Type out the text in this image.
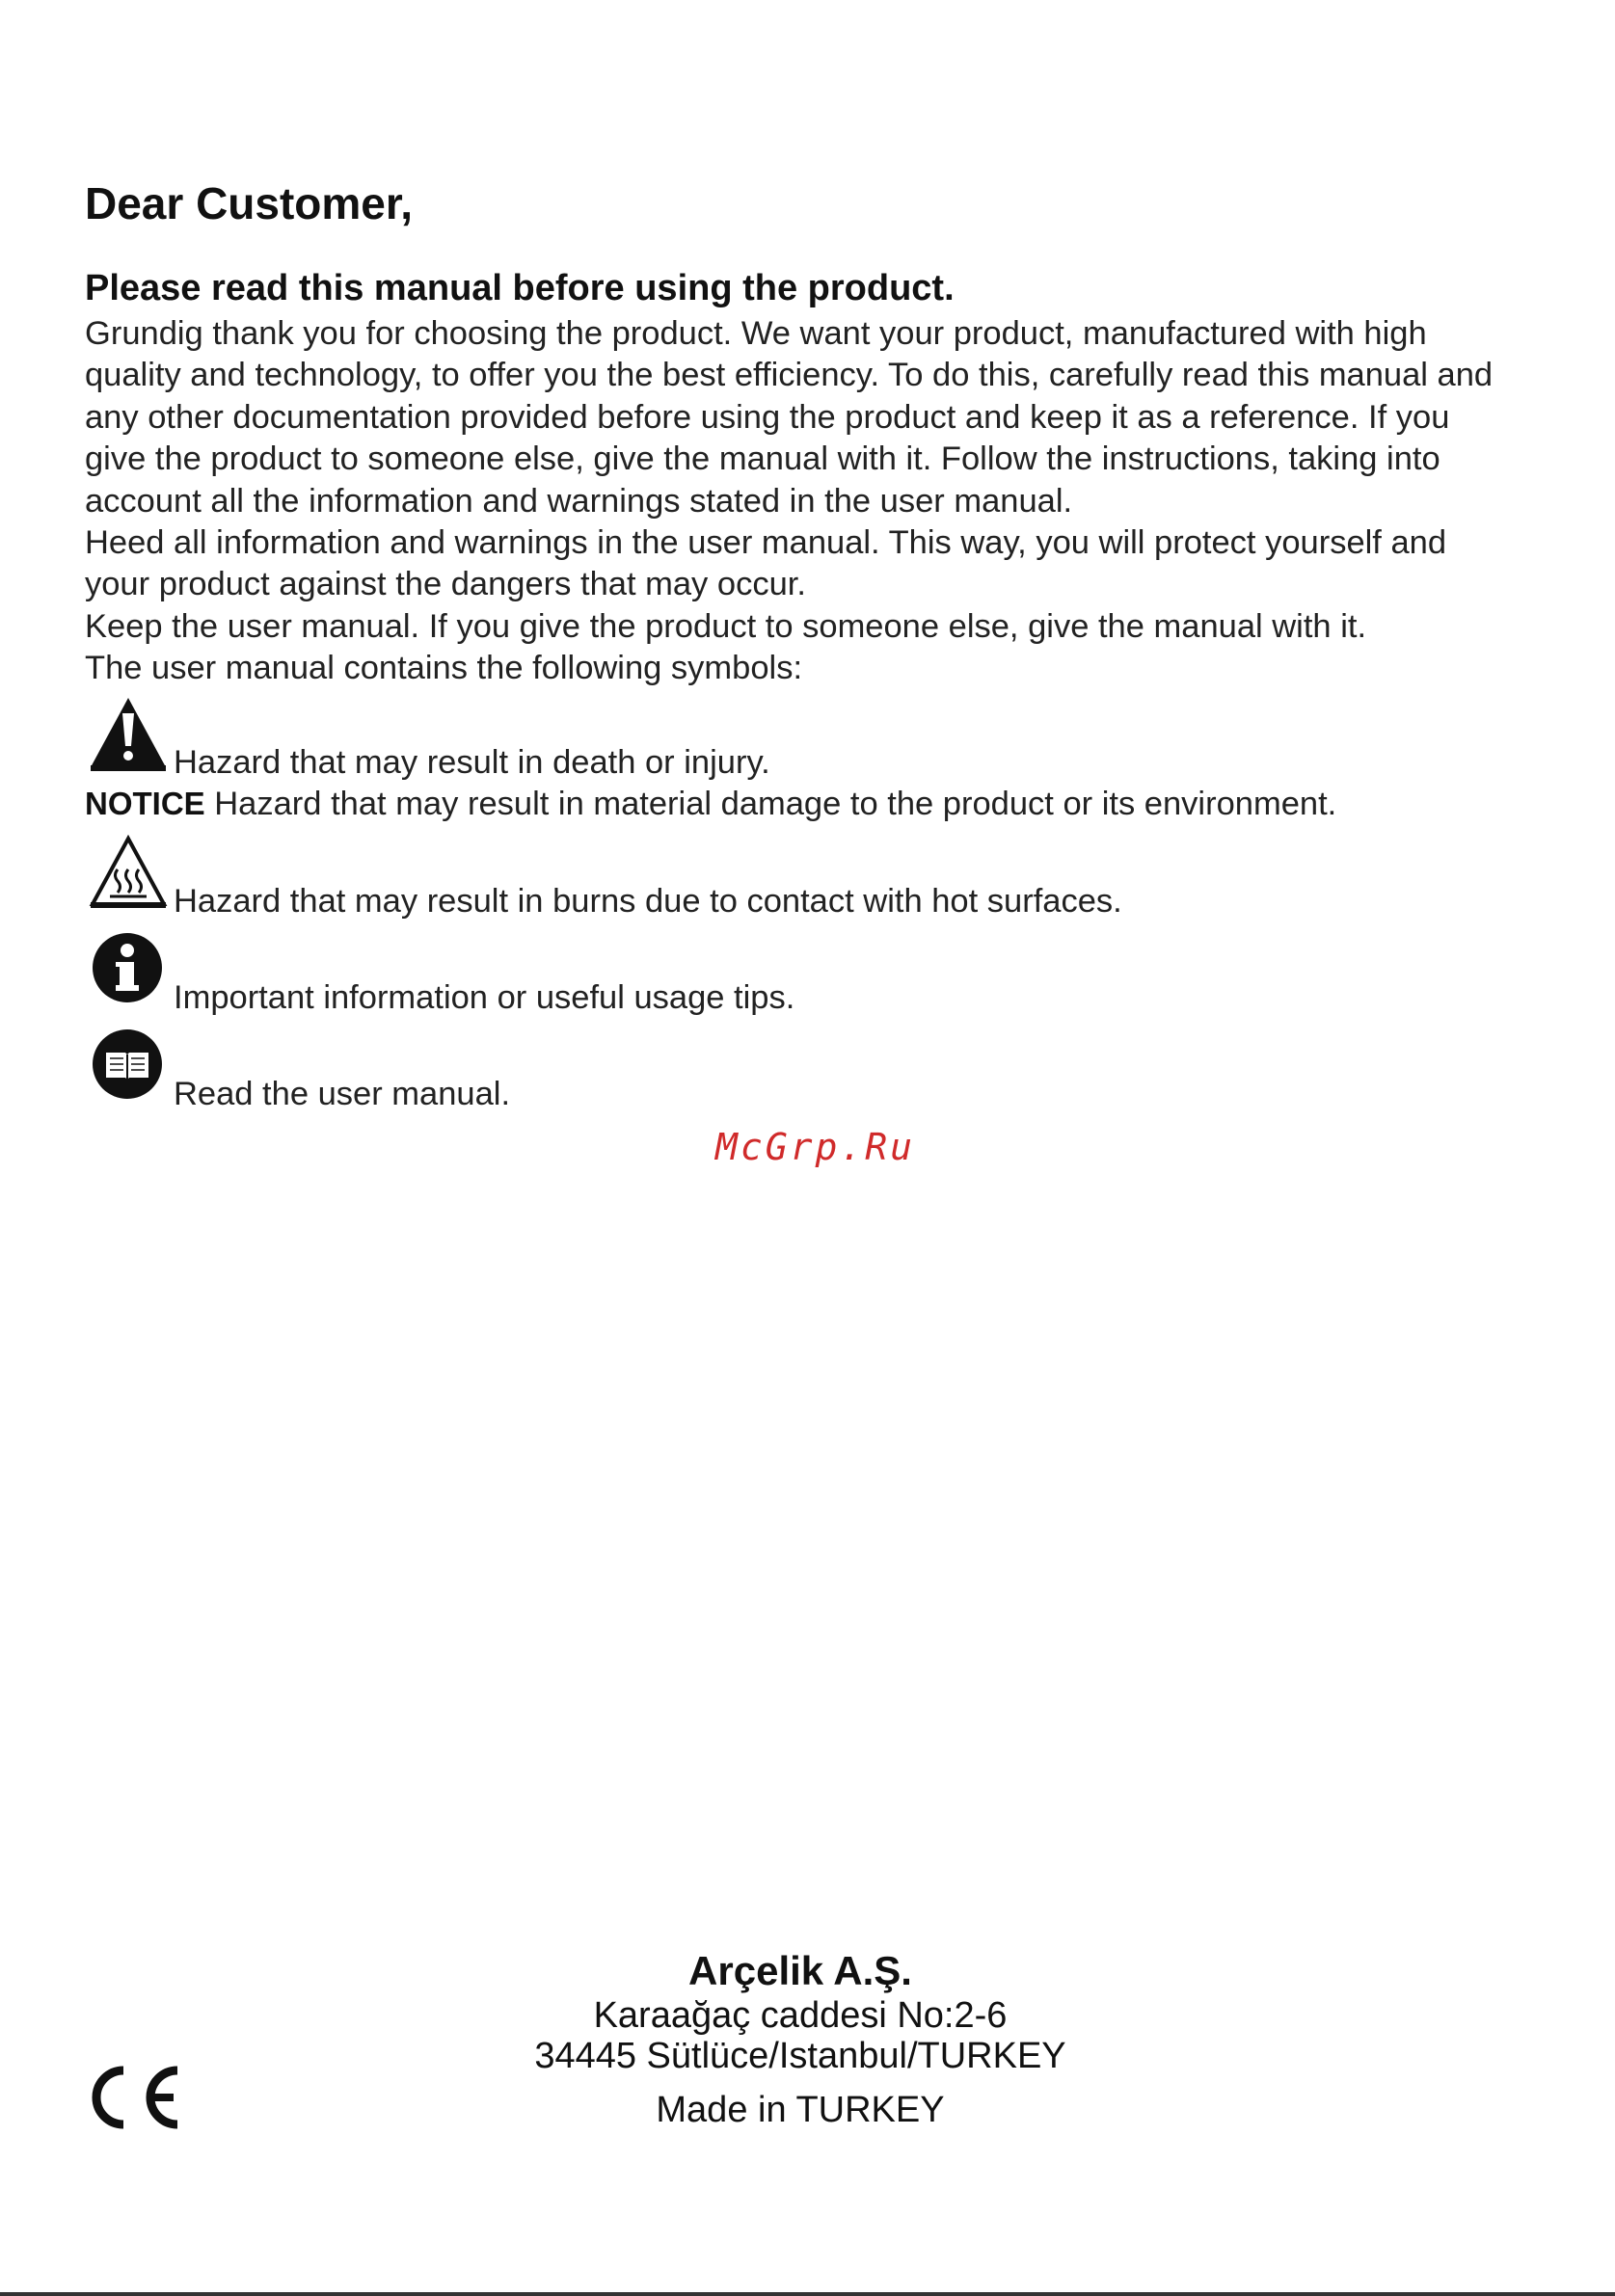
Dear Customer,
Please read this manual before using the product.

Grundig thank you for choosing the product. We want your product, manufactured with high quality and technology, to offer you the best efficiency. To do this, carefully read this manual and any other documentation provided before using the product and keep it as a reference. If you give the product to someone else, give the manual with it. Follow the instructions, taking into account all the information and warnings stated in the user manual.

Heed all information and warnings in the user manual. This way, you will protect yourself and your product against the dangers that may occur.

Keep the user manual. If you give the product to someone else, give the manual with it.

The user manual contains the following symbols:

Hazard that may result in death or injury.
NOTICE Hazard that may result in material damage to the product or its environment.
Hazard that may result in burns due to contact with hot surfaces.
Important information or useful usage tips.
Read the user manual.
McGrp.Ru
Arçelik A.Ş.
Karaağaç caddesi No:2-6
34445 Sütlüce/Istanbul/TURKEY
Made in TURKEY
